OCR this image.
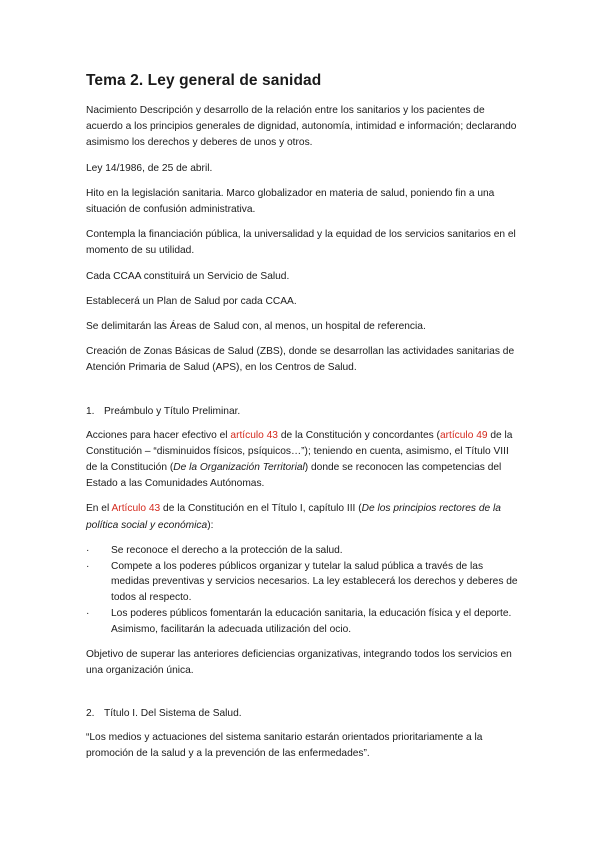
Tema 2. Ley general de sanidad

Nacimiento Descripción y desarrollo de la relación entre los sanitarios y los pacientes de acuerdo a los principios generales de dignidad, autonomía, intimidad e información; declarando asimismo los derechos y deberes de unos y otros.

Ley 14/1986, de 25 de abril.

Hito en la legislación sanitaria. Marco globalizador en materia de salud, poniendo fin a una situación de confusión administrativa.

Contempla la financiación pública, la universalidad y la equidad de los servicios sanitarios en el momento de su utilidad.

Cada CCAA constituirá un Servicio de Salud.

Establecerá un Plan de Salud por cada CCAA.

Se delimitarán las Áreas de Salud con, al menos, un hospital de referencia.

Creación de Zonas Básicas de Salud (ZBS), donde se desarrollan las actividades sanitarias de Atención Primaria de Salud (APS), en los Centros de Salud.

1. Preámbulo y Título Preliminar.

Acciones para hacer efectivo el artículo 43 de la Constitución y concordantes (artículo 49 de la Constitución – “disminuidos físicos, psíquicos…”); teniendo en cuenta, asimismo, el Título VIII de la Constitución (De la Organización Territorial) donde se reconocen las competencias del Estado a las Comunidades Autónomas.

En el Artículo 43 de la Constitución en el Título I, capítulo III (De los principios rectores de la política social y económica):

·	Se reconoce el derecho a la protección de la salud.
·	Compete a los poderes públicos organizar y tutelar la salud pública a través de las medidas preventivas y servicios necesarios. La ley establecerá los derechos y deberes de todos al respecto.
·	Los poderes públicos fomentarán la educación sanitaria, la educación física y el deporte. Asimismo, facilitarán la adecuada utilización del ocio.

Objetivo de superar las anteriores deficiencias organizativas, integrando todos los servicios en una organización única.

2. Título I. Del Sistema de Salud.

“Los medios y actuaciones del sistema sanitario estarán orientados prioritariamente a la promoción de la salud y a la prevención de las enfermedades”.
